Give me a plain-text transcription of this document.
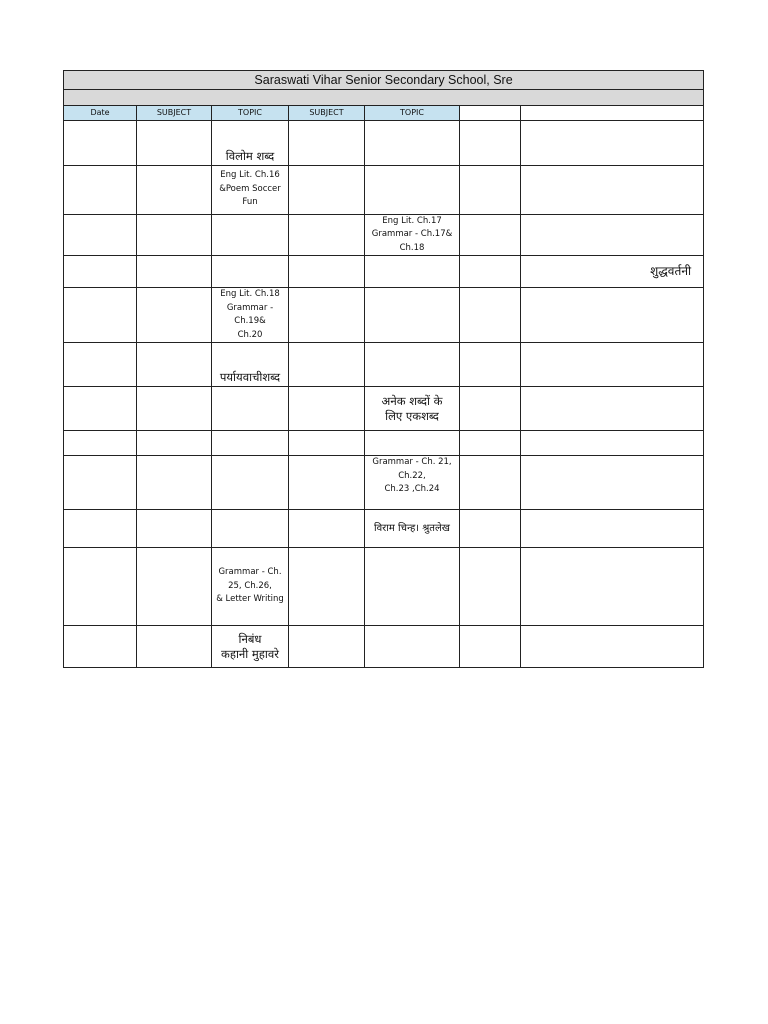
Saraswati Vihar Senior Secondary School, Sre						

Date	SUBJECT	TOPIC	SUBJECT	TOPIC		
		विलोम शब्द				
		Eng Lit. Ch.16
&Poem Soccer
Fun				
				Eng Lit. Ch.17
Grammar - Ch.17&
Ch.18		
						शुद्धवर्तनी
		Eng Lit. Ch.18
Grammar -
Ch.19&
Ch.20				
		पर्यायवाचीशब्द				
				अनेक शब्दों के
लिए एकशब्द		

				Grammar - Ch. 21,
Ch.22,
Ch.23 ,Ch.24		
				विराम चिन्ह। श्रुतलेख		
		Grammar - Ch.
25, Ch.26,
& Letter Writing				
		निबंध
कहानी मुहावरे				
